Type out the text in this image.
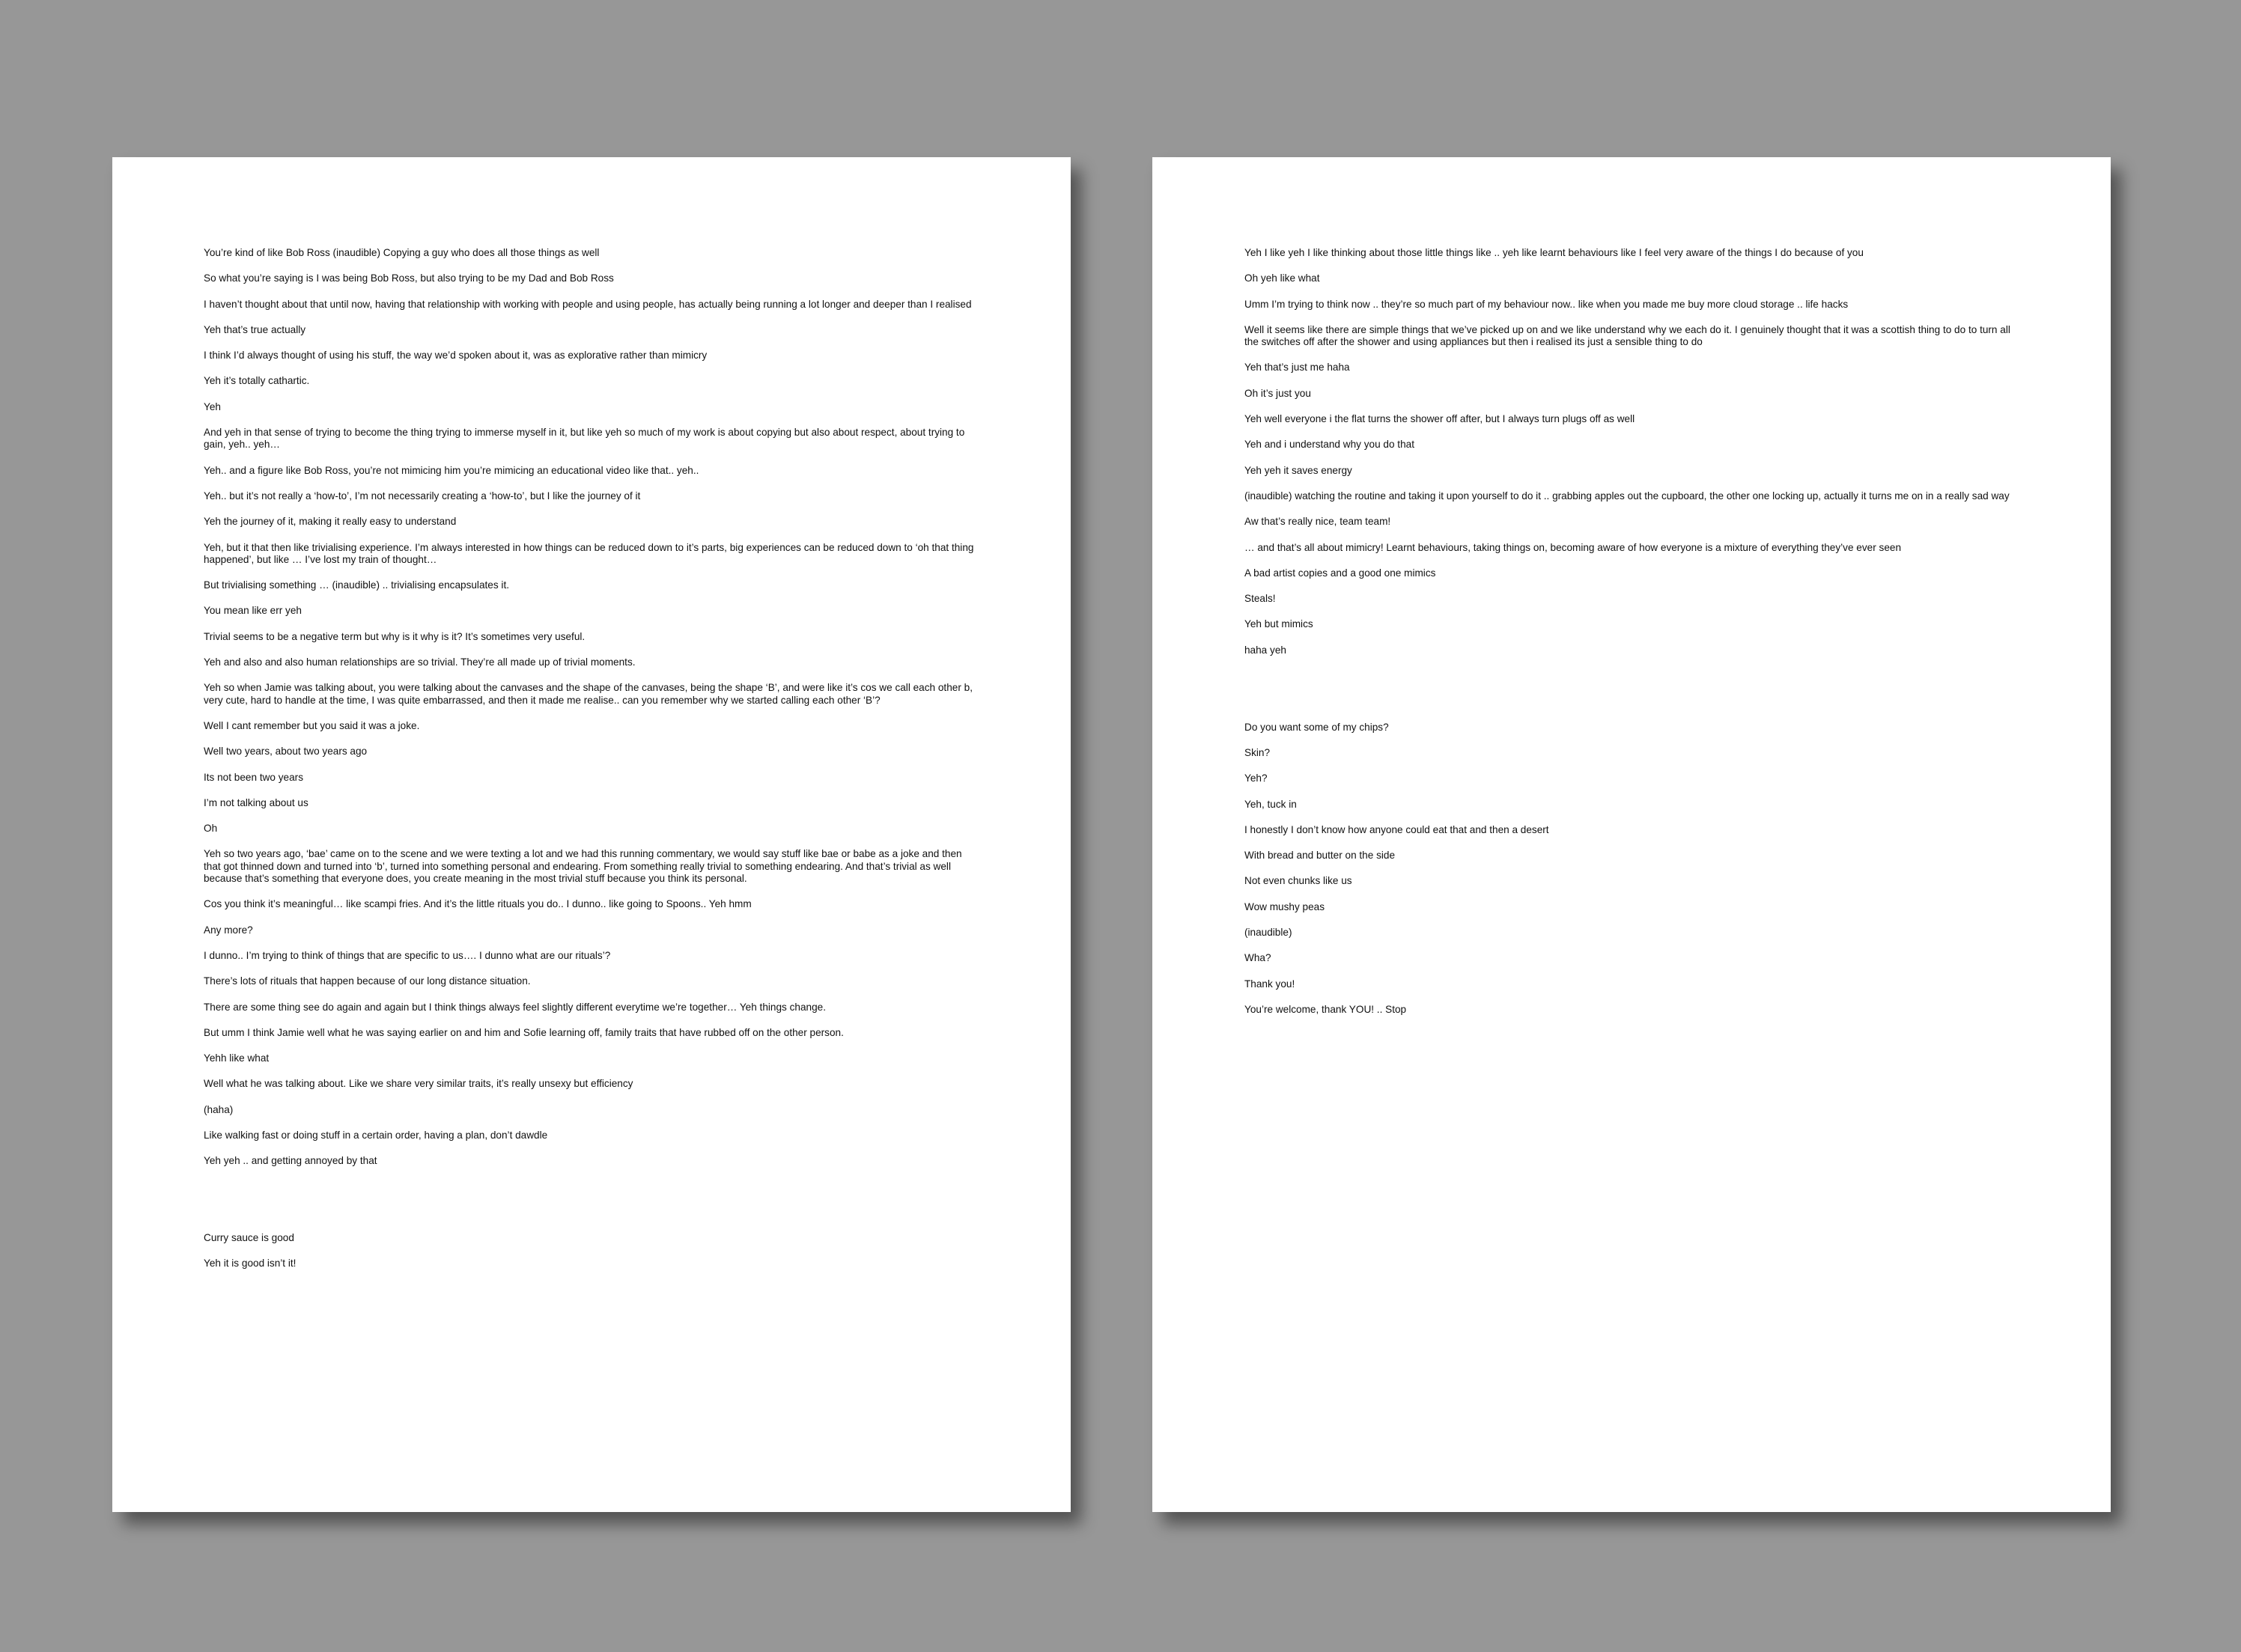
You’re kind of like Bob Ross (inaudible) Copying a guy who does all those things as well

So what you’re saying is I was being Bob Ross, but also trying to be my Dad and Bob Ross

I haven’t thought about that until now, having that relationship with working with people and using people, has actually being running a lot longer and deeper than I realised

Yeh that’s true actually

I think I’d always thought of using his stuff, the way we’d spoken about it, was as explorative rather than mimicry

Yeh it’s totally cathartic.

Yeh

And yeh in that sense of trying to become the thing trying to immerse myself in it, but like yeh so much of my work is about copying but also about respect, about trying to gain, yeh.. yeh…

Yeh.. and a figure like Bob Ross, you’re not mimicing him you’re mimicing an educational video like that.. yeh..

Yeh.. but it’s not really a ‘how-to’, I’m not necessarily creating a ‘how-to’, but I like the journey of it

Yeh the journey of it, making it really easy to understand

Yeh, but it that then like trivialising experience. I’m always interested in how things can be reduced down to it’s parts, big experiences can be reduced down to ‘oh that thing happened’, but like … I’ve lost my train of thought…

But trivialising something … (inaudible) .. trivialising encapsulates it.

You mean like err yeh

Trivial seems to be a negative term but why is it why is it? It’s sometimes very useful.

Yeh and also and also human relationships are so trivial. They’re all made up of trivial moments.

Yeh so when Jamie was talking about, you were talking about the canvases and the shape of the canvases, being the shape ‘B’, and were like it’s cos we call each other b, very cute, hard to handle at the time, I was quite embarrassed, and then it made me realise.. can you remember why we started calling each other ‘B’?

Well I cant remember but you said it was a joke.

Well two years, about two years ago

Its not been two years

I’m not talking about us

Oh

Yeh so two years ago, ‘bae’ came on to the scene and we were texting a lot and we had this running commentary, we would say stuff like bae or babe as a joke and then that got thinned down and turned into ‘b’, turned into something personal and endearing. From something really trivial to something endearing. And that’s trivial as well because that’s something that everyone does, you create meaning in the most trivial stuff because you think its personal.

Cos you think it’s meaningful… like scampi fries. And it’s the little rituals you do.. I dunno.. like going to Spoons.. Yeh hmm

Any more?

I dunno.. I’m trying to think of things that are specific to us…. I dunno what are our rituals’?

There’s lots of rituals that happen because of our long distance situation.

There are some thing see do again and again but I think things always feel slightly different everytime we’re together… Yeh things change.

But umm I think Jamie well what he was saying earlier on and him and Sofie learning off, family traits that have rubbed off on the other person.

Yehh like what

Well what he was talking about. Like we share very similar traits, it’s really unsexy but efficiency

(haha)

Like walking fast or doing stuff in a certain order, having a plan, don’t dawdle

Yeh yeh .. and getting annoyed by that

Curry sauce is good

Yeh it is good isn’t it!

Yeh I like yeh I like thinking about those little things like .. yeh like learnt behaviours like I feel very aware of the things I do because of you

Oh yeh like what

Umm I’m trying to think now .. they’re so much part of my behaviour now.. like when you made me buy more cloud storage .. life hacks

Well it seems like there are simple things that we’ve picked up on and we like understand why we each do it. I genuinely thought that it was a scottish thing to do to turn all the switches off after the shower and using appliances but then i realised its just a sensible thing to do

Yeh that’s just me haha

Oh it’s just you

Yeh well everyone i the flat turns the shower off after, but I always turn plugs off as well

Yeh and i understand why you do that

Yeh yeh it saves energy

(inaudible) watching the routine and taking it upon yourself to do it .. grabbing apples out the cupboard, the other one locking up, actually it turns me on in a really sad way

Aw that’s really nice, team team!

… and that’s all about mimicry! Learnt behaviours, taking things on, becoming aware of how everyone is a mixture of everything they’ve ever seen

A bad artist copies and a good one mimics

Steals!

Yeh but mimics

haha yeh

Do you want some of my chips?

Skin?

Yeh?

Yeh, tuck in

I honestly I don’t know how anyone could eat that and then a desert

With bread and butter on the side

Not even chunks like us

Wow mushy peas

(inaudible)

Wha?

Thank you!

You’re welcome, thank YOU! .. Stop
